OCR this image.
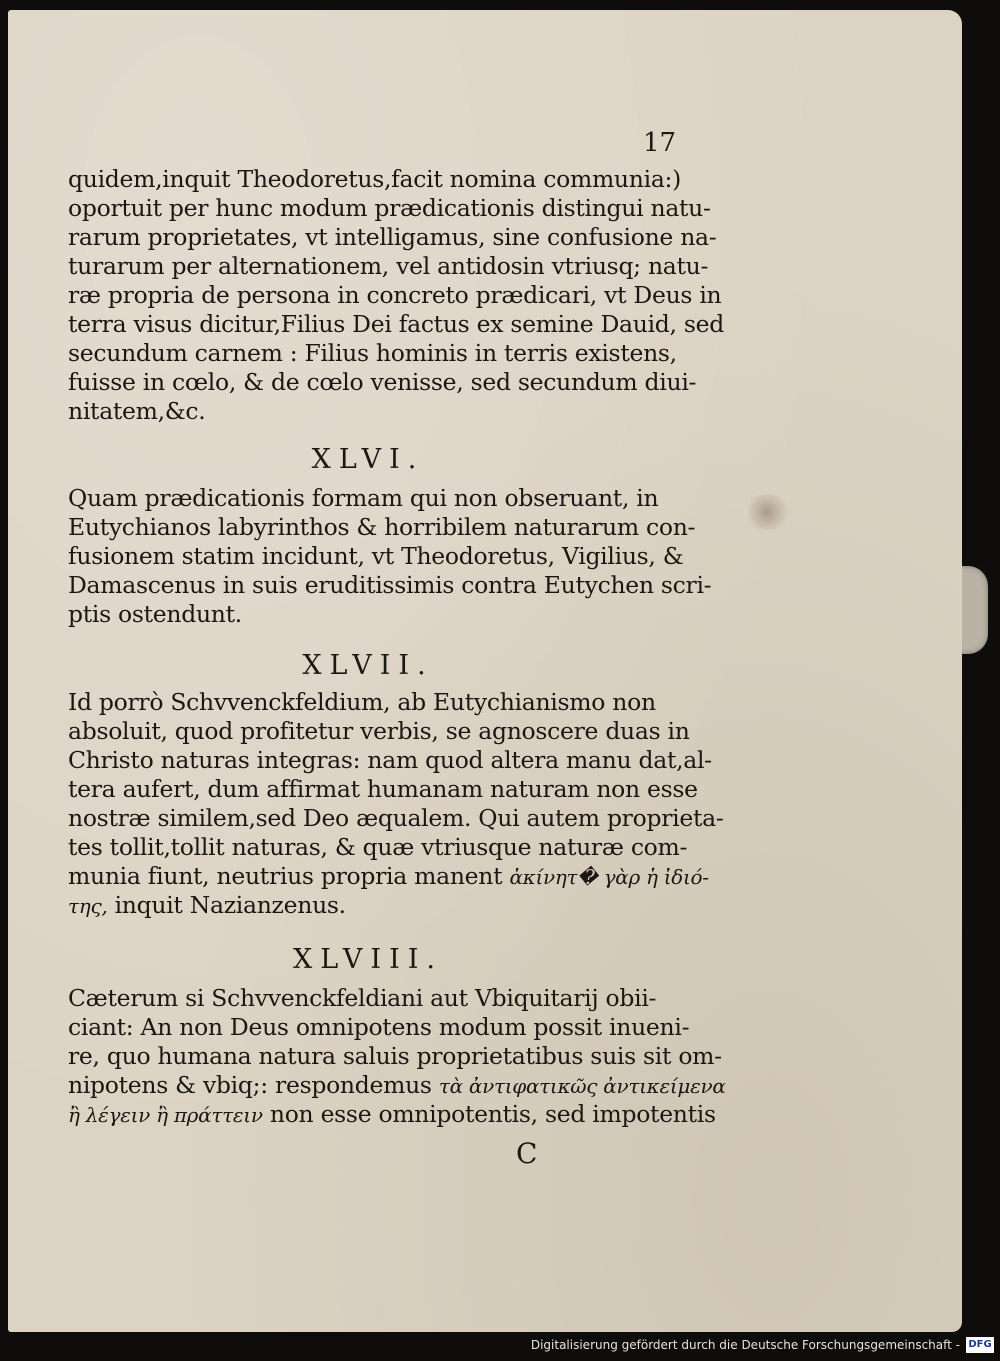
17
quidem,inquit Theodoretus,facit nomina communia:)
oportuit per hunc modum prædicationis distingui natu-
rarum proprietates, vt intelligamus, sine confusione na-
turarum per alternationem, vel antidosin vtriusq; natu-
ræ propria de persona in concreto prædicari, vt Deus in
terra visus dicitur,Filius Dei factus ex semine Dauid, sed
secundum carnem : Filius hominis in terris existens,
fuisse in cœlo, & de cœlo venisse, sed secundum diui-
nitatem,&c.
XLVI.
Quam prædicationis formam qui non obseruant, in
Eutychianos labyrinthos & horribilem naturarum con-
fusionem statim incidunt, vt Theodoretus, Vigilius, &
Damascenus in suis eruditissimis contra Eutychen scri-
ptis ostendunt.
XLVII.
Id porrò Schvvenckfeldium, ab Eutychianismo non
absoluit, quod profitetur verbis, se agnoscere duas in
Christo naturas integras: nam quod altera manu dat,al-
tera aufert, dum affirmat humanam naturam non esse
nostræ similem,sed Deo æqualem. Qui autem proprieta-
tes tollit,tollit naturas, & quæ vtriusque naturæ com-
munia fiunt, neutrius propria manent ἀκίνητ� γὰρ ἡ ἰδιό-
της, inquit Nazianzenus.
XLVIII.
Cæterum si Schvvenckfeldiani aut Vbiquitarij obii-
ciant: An non Deus omnipotens modum possit inueni-
re, quo humana natura saluis proprietatibus suis sit om-
nipotens & vbiq;: respondemus τὰ ἀντιφατικῶς ἀντικείμενα
ἢ λέγειν ἢ πράττειν non esse omnipotentis, sed impotentis
C
Digitalisierung gefördert durch die Deutsche Forschungsgemeinschaft - DFG
